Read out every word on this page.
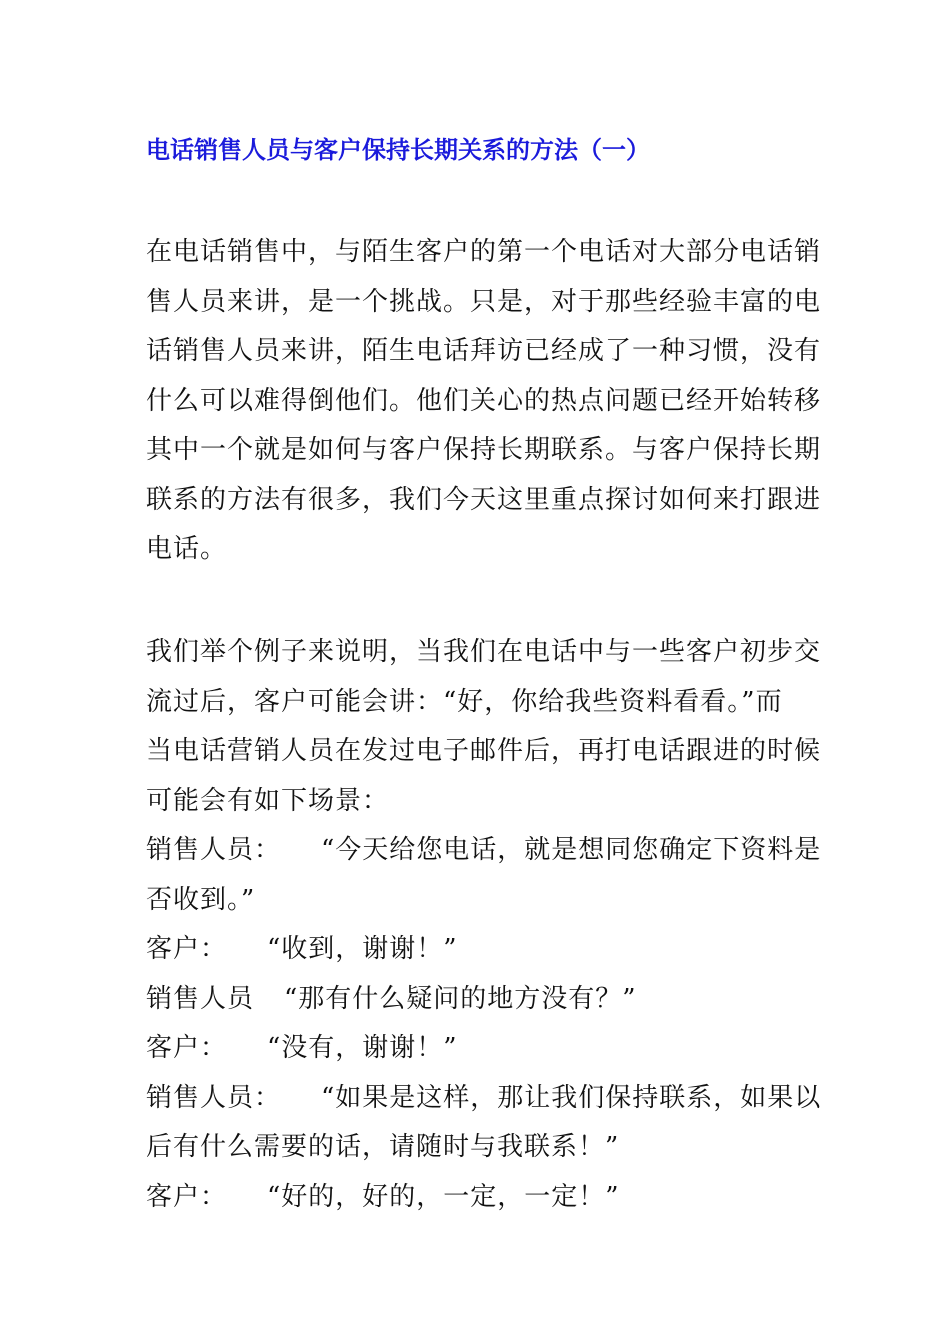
电话销售人员与客户保持长期关系的方法（一）
在电话销售中，与陌生客户的第一个电话对大部分电话销
售人员来讲，是一个挑战。只是，对于那些经验丰富的电
话销售人员来讲，陌生电话拜访已经成了一种习惯，没有
什么可以难得倒他们。他们关心的热点问题已经开始转移
其中一个就是如何与客户保持长期联系。与客户保持长期
联系的方法有很多，我们今天这里重点探讨如何来打跟进
电话。
我们举个例子来说明，当我们在电话中与一些客户初步交
流过后，客户可能会讲：“好，你给我些资料看看。”而
当电话营销人员在发过电子邮件后，再打电话跟进的时候
可能会有如下场景：
销售人员： “今天给您电话，就是想同您确定下资料是
否收到。”
客户： “收到，谢谢！”
销售人员 “那有什么疑问的地方没有？”
客户： “没有，谢谢！”
销售人员： “如果是这样，那让我们保持联系，如果以
后有什么需要的话，请随时与我联系！”
客户： “好的，好的，一定，一定！”
